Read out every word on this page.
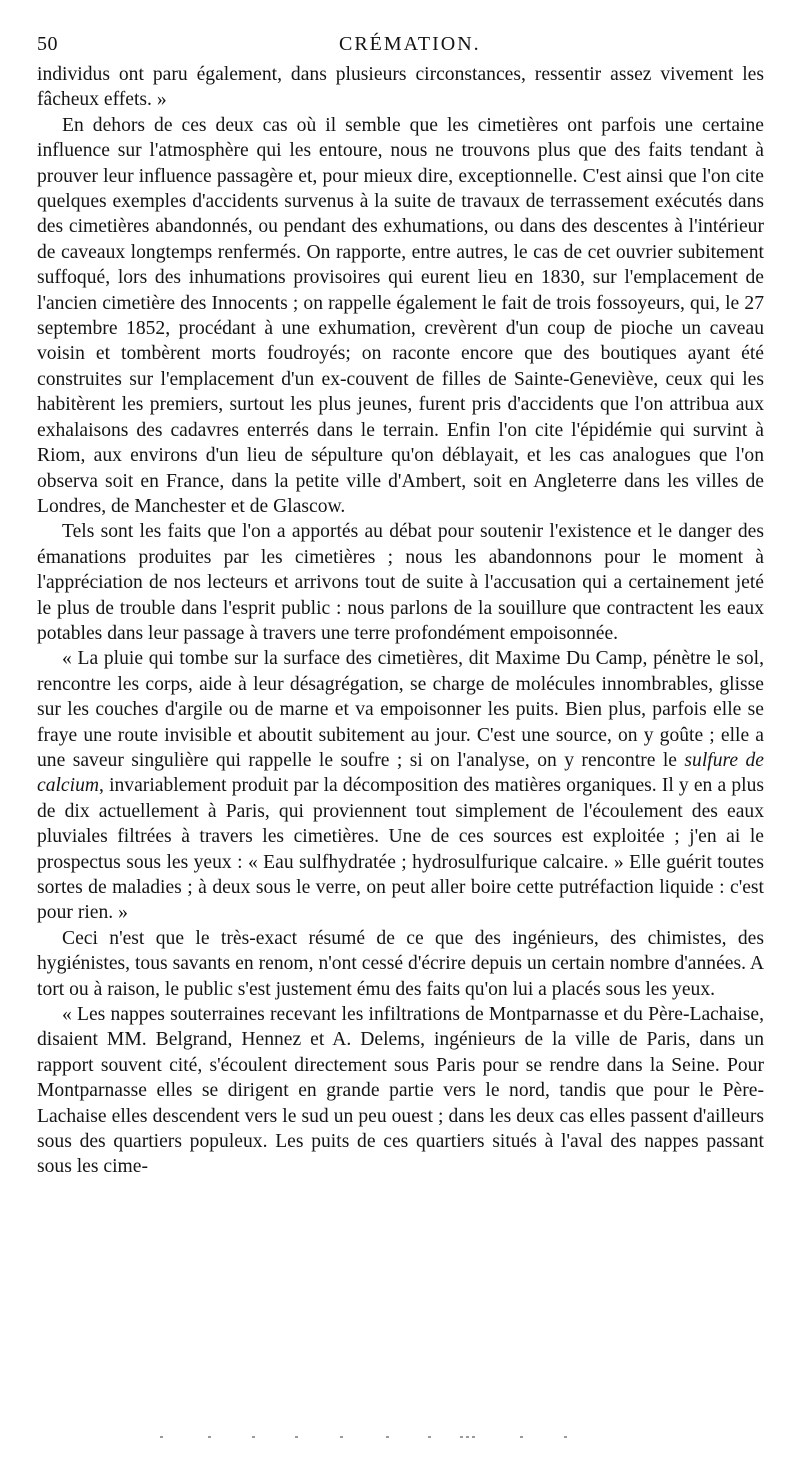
50	CRÉMATION.

individus ont paru également, dans plusieurs circonstances, ressentir assez vivement les fâcheux effets. »

En dehors de ces deux cas où il semble que les cimetières ont parfois une certaine influence sur l'atmosphère qui les entoure, nous ne trouvons plus que des faits tendant à prouver leur influence passagère et, pour mieux dire, exceptionnelle. C'est ainsi que l'on cite quelques exemples d'accidents survenus à la suite de travaux de terrassement exécutés dans des cimetières abandonnés, ou pendant des exhumations, ou dans des descentes à l'intérieur de caveaux longtemps renfermés. On rapporte, entre autres, le cas de cet ouvrier subitement suffoqué, lors des inhumations provisoires qui eurent lieu en 1830, sur l'emplacement de l'ancien cimetière des Innocents ; on rappelle également le fait de trois fossoyeurs, qui, le 27 septembre 1852, procédant à une exhumation, crevèrent d'un coup de pioche un caveau voisin et tombèrent morts foudroyés; on raconte encore que des boutiques ayant été construites sur l'emplacement d'un ex-couvent de filles de Sainte-Geneviève, ceux qui les habitèrent les premiers, surtout les plus jeunes, furent pris d'accidents que l'on attribua aux exhalaisons des cadavres enterrés dans le terrain. Enfin l'on cite l'épidémie qui survint à Riom, aux environs d'un lieu de sépulture qu'on déblayait, et les cas analogues que l'on observa soit en France, dans la petite ville d'Ambert, soit en Angleterre dans les villes de Londres, de Manchester et de Glascow.

Tels sont les faits que l'on a apportés au débat pour soutenir l'existence et le danger des émanations produites par les cimetières ; nous les abandonnons pour le moment à l'appréciation de nos lecteurs et arrivons tout de suite à l'accusation qui a certainement jeté le plus de trouble dans l'esprit public : nous parlons de la souillure que contractent les eaux potables dans leur passage à travers une terre profondément empoisonnée.

« La pluie qui tombe sur la surface des cimetières, dit Maxime Du Camp, pénètre le sol, rencontre les corps, aide à leur désagrégation, se charge de molécules innombrables, glisse sur les couches d'argile ou de marne et va empoisonner les puits. Bien plus, parfois elle se fraye une route invisible et aboutit subitement au jour. C'est une source, on y goûte ; elle a une saveur singulière qui rappelle le soufre ; si on l'analyse, on y rencontre le sulfure de calcium, invariablement produit par la décomposition des matières organiques. Il y en a plus de dix actuellement à Paris, qui proviennent tout simplement de l'écoulement des eaux pluviales filtrées à travers les cimetières. Une de ces sources est exploitée ; j'en ai le prospectus sous les yeux : « Eau sulfhydratée ; hydrosulfurique calcaire. » Elle guérit toutes sortes de maladies ; à deux sous le verre, on peut aller boire cette putréfaction liquide : c'est pour rien. »

Ceci n'est que le très-exact résumé de ce que des ingénieurs, des chimistes, des hygiénistes, tous savants en renom, n'ont cessé d'écrire depuis un certain nombre d'années. A tort ou à raison, le public s'est justement ému des faits qu'on lui a placés sous les yeux.

« Les nappes souterraines recevant les infiltrations de Montparnasse et du Père-Lachaise, disaient MM. Belgrand, Hennez et A. Delems, ingénieurs de la ville de Paris, dans un rapport souvent cité, s'écoulent directement sous Paris pour se rendre dans la Seine. Pour Montparnasse elles se dirigent en grande partie vers le nord, tandis que pour le Père-Lachaise elles descendent vers le sud un peu ouest ; dans les deux cas elles passent d'ailleurs sous des quartiers populeux. Les puits de ces quartiers situés à l'aval des nappes passant sous les cime-
